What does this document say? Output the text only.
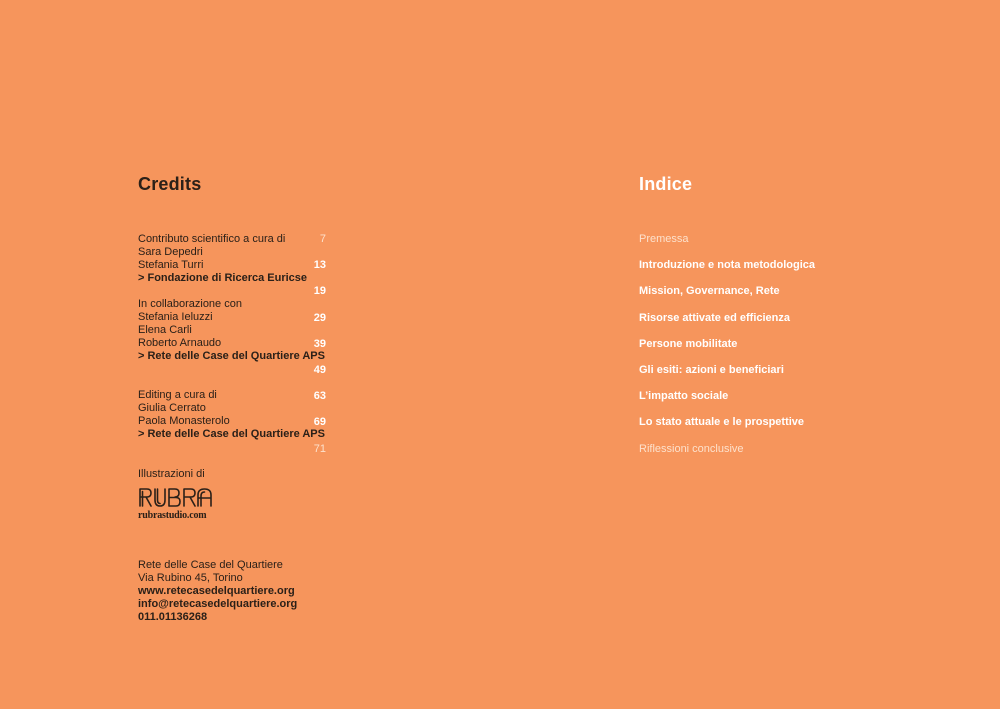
Credits
Contributo scientifico a cura di
Sara Depedri
Stefania Turri
> Fondazione di Ricerca Euricse
In collaborazione con
Stefania Ieluzzi
Elena Carli
Roberto Arnaudo
> Rete delle Case del Quartiere APS
Editing a cura di
Giulia Cerrato
Paola Monasterolo
> Rete delle Case del Quartiere APS
Illustrazioni di
rubrastudio.com
Rete delle Case del Quartiere
Via Rubino 45, Torino
www.retecasedelquartiere.org
info@retecasedelquartiere.org
011.01136268
Indice
7	Premessa
13	Introduzione e nota metodologica
19	Mission, Governance, Rete
29	Risorse attivate ed efficienza
39	Persone mobilitate
49	Gli esiti: azioni e beneficiari
63	L’impatto sociale
69	Lo stato attuale e le prospettive
71	Riflessioni conclusive
